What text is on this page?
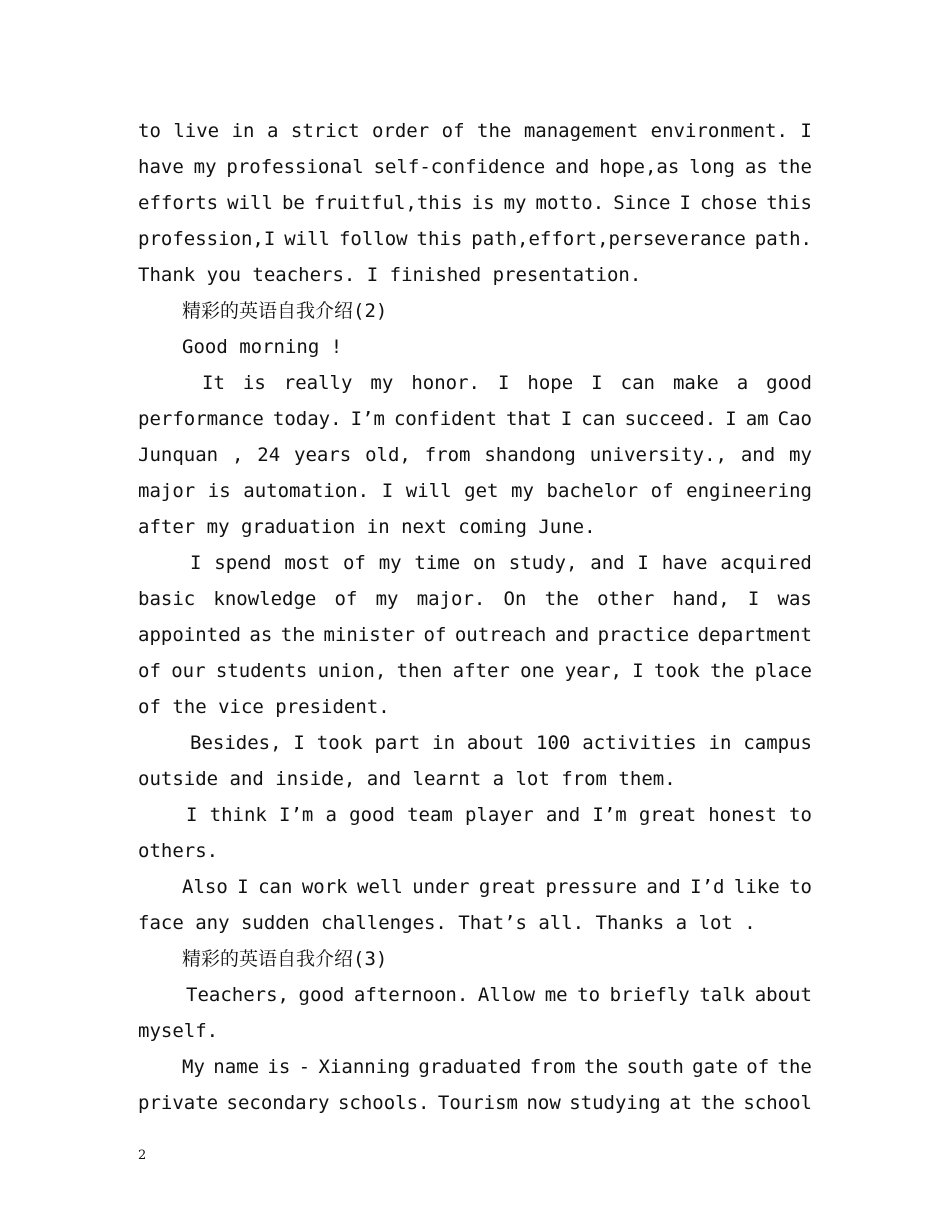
to live in a strict order of the management environment. I
have my professional self-confidence and hope,as long as the
efforts will be fruitful,this is my motto. Since I chose this
profession,I will follow this path,effort,perseverance path.
Thank you teachers. I finished presentation.
精彩的英语自我介绍(2)
Good morning !
It is really my honor. I hope I can make a good
performance today. I’m confident that I can succeed. I am Cao
Junquan , 24 years old, from shandong university., and my
major is automation. I will get my bachelor of engineering
after my graduation in next coming June.
I spend most of my time on study, and I have acquired
basic knowledge of my major. On the other hand, I was
appointed as the minister of outreach and practice department
of our students union, then after one year, I took the place
of the vice president.
Besides, I took part in about 100 activities in campus
outside and inside, and learnt a lot from them.
I think I’m a good team player and I’m great honest to
others.
Also I can work well under great pressure and I’d like to
face any sudden challenges. That’s all. Thanks a lot .
精彩的英语自我介绍(3)
Teachers, good afternoon. Allow me to briefly talk about
myself.
My name is - Xianning graduated from the south gate of the
private secondary schools. Tourism now studying at the school
2
